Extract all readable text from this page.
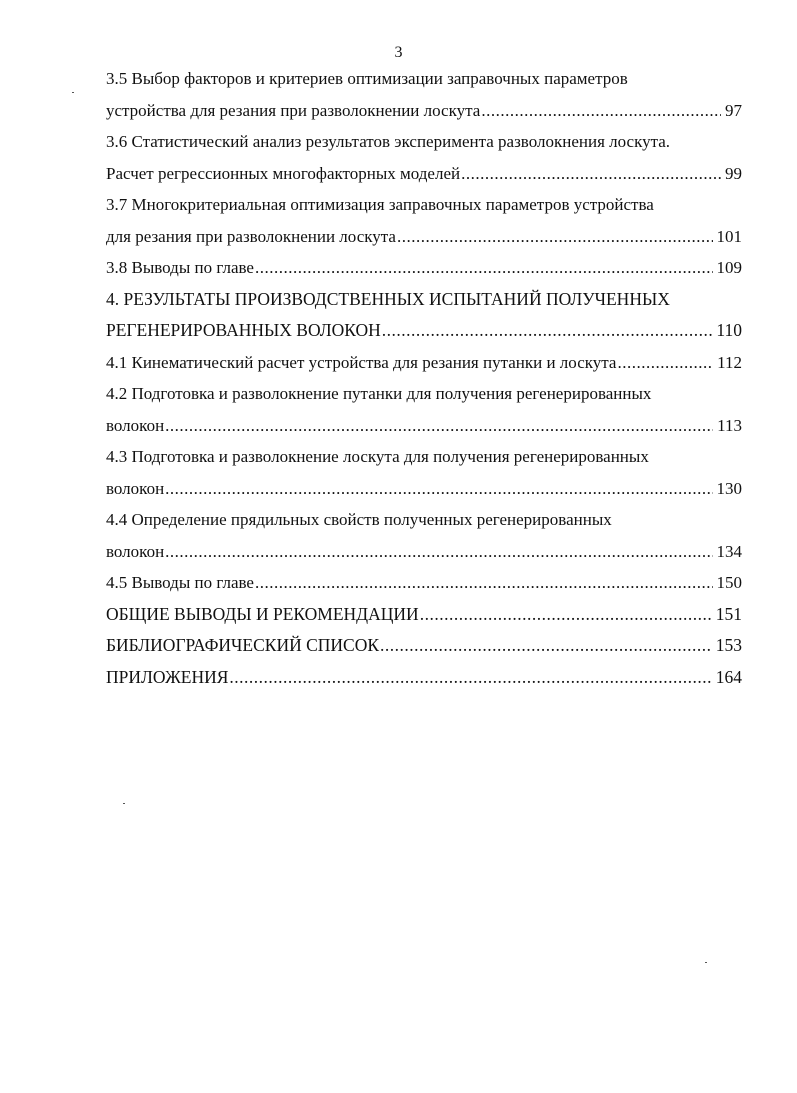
3
3.5 Выбор факторов и критериев оптимизации заправочных параметров
устройства для резания при разволокнении лоскута .....	97
3.6 Статистический анализ результатов эксперимента разволокнения лоскута.
Расчет регрессионных многофакторных моделей .....	99
3.7 Многокритериальная оптимизация заправочных параметров устройства
для резания при разволокнении лоскута .....	101
3.8 Выводы по главе .....	109
4. РЕЗУЛЬТАТЫ ПРОИЗВОДСТВЕННЫХ ИСПЫТАНИЙ ПОЛУЧЕННЫХ
РЕГЕНЕРИРОВАННЫХ ВОЛОКОН .....	110
4.1 Кинематический расчет устройства для резания путанки и лоскута .....	112
4.2 Подготовка и разволокнение путанки для получения регенерированных
волокон .....	113
4.3 Подготовка и разволокнение лоскута для получения регенерированных
волокон .....	130
4.4 Определение прядильных свойств полученных регенерированных
волокон .....	134
4.5 Выводы по главе .....	150
ОБЩИЕ ВЫВОДЫ И РЕКОМЕНДАЦИИ .....	151
БИБЛИОГРАФИЧЕСКИЙ СПИСОК .....	153
ПРИЛОЖЕНИЯ .....	164
